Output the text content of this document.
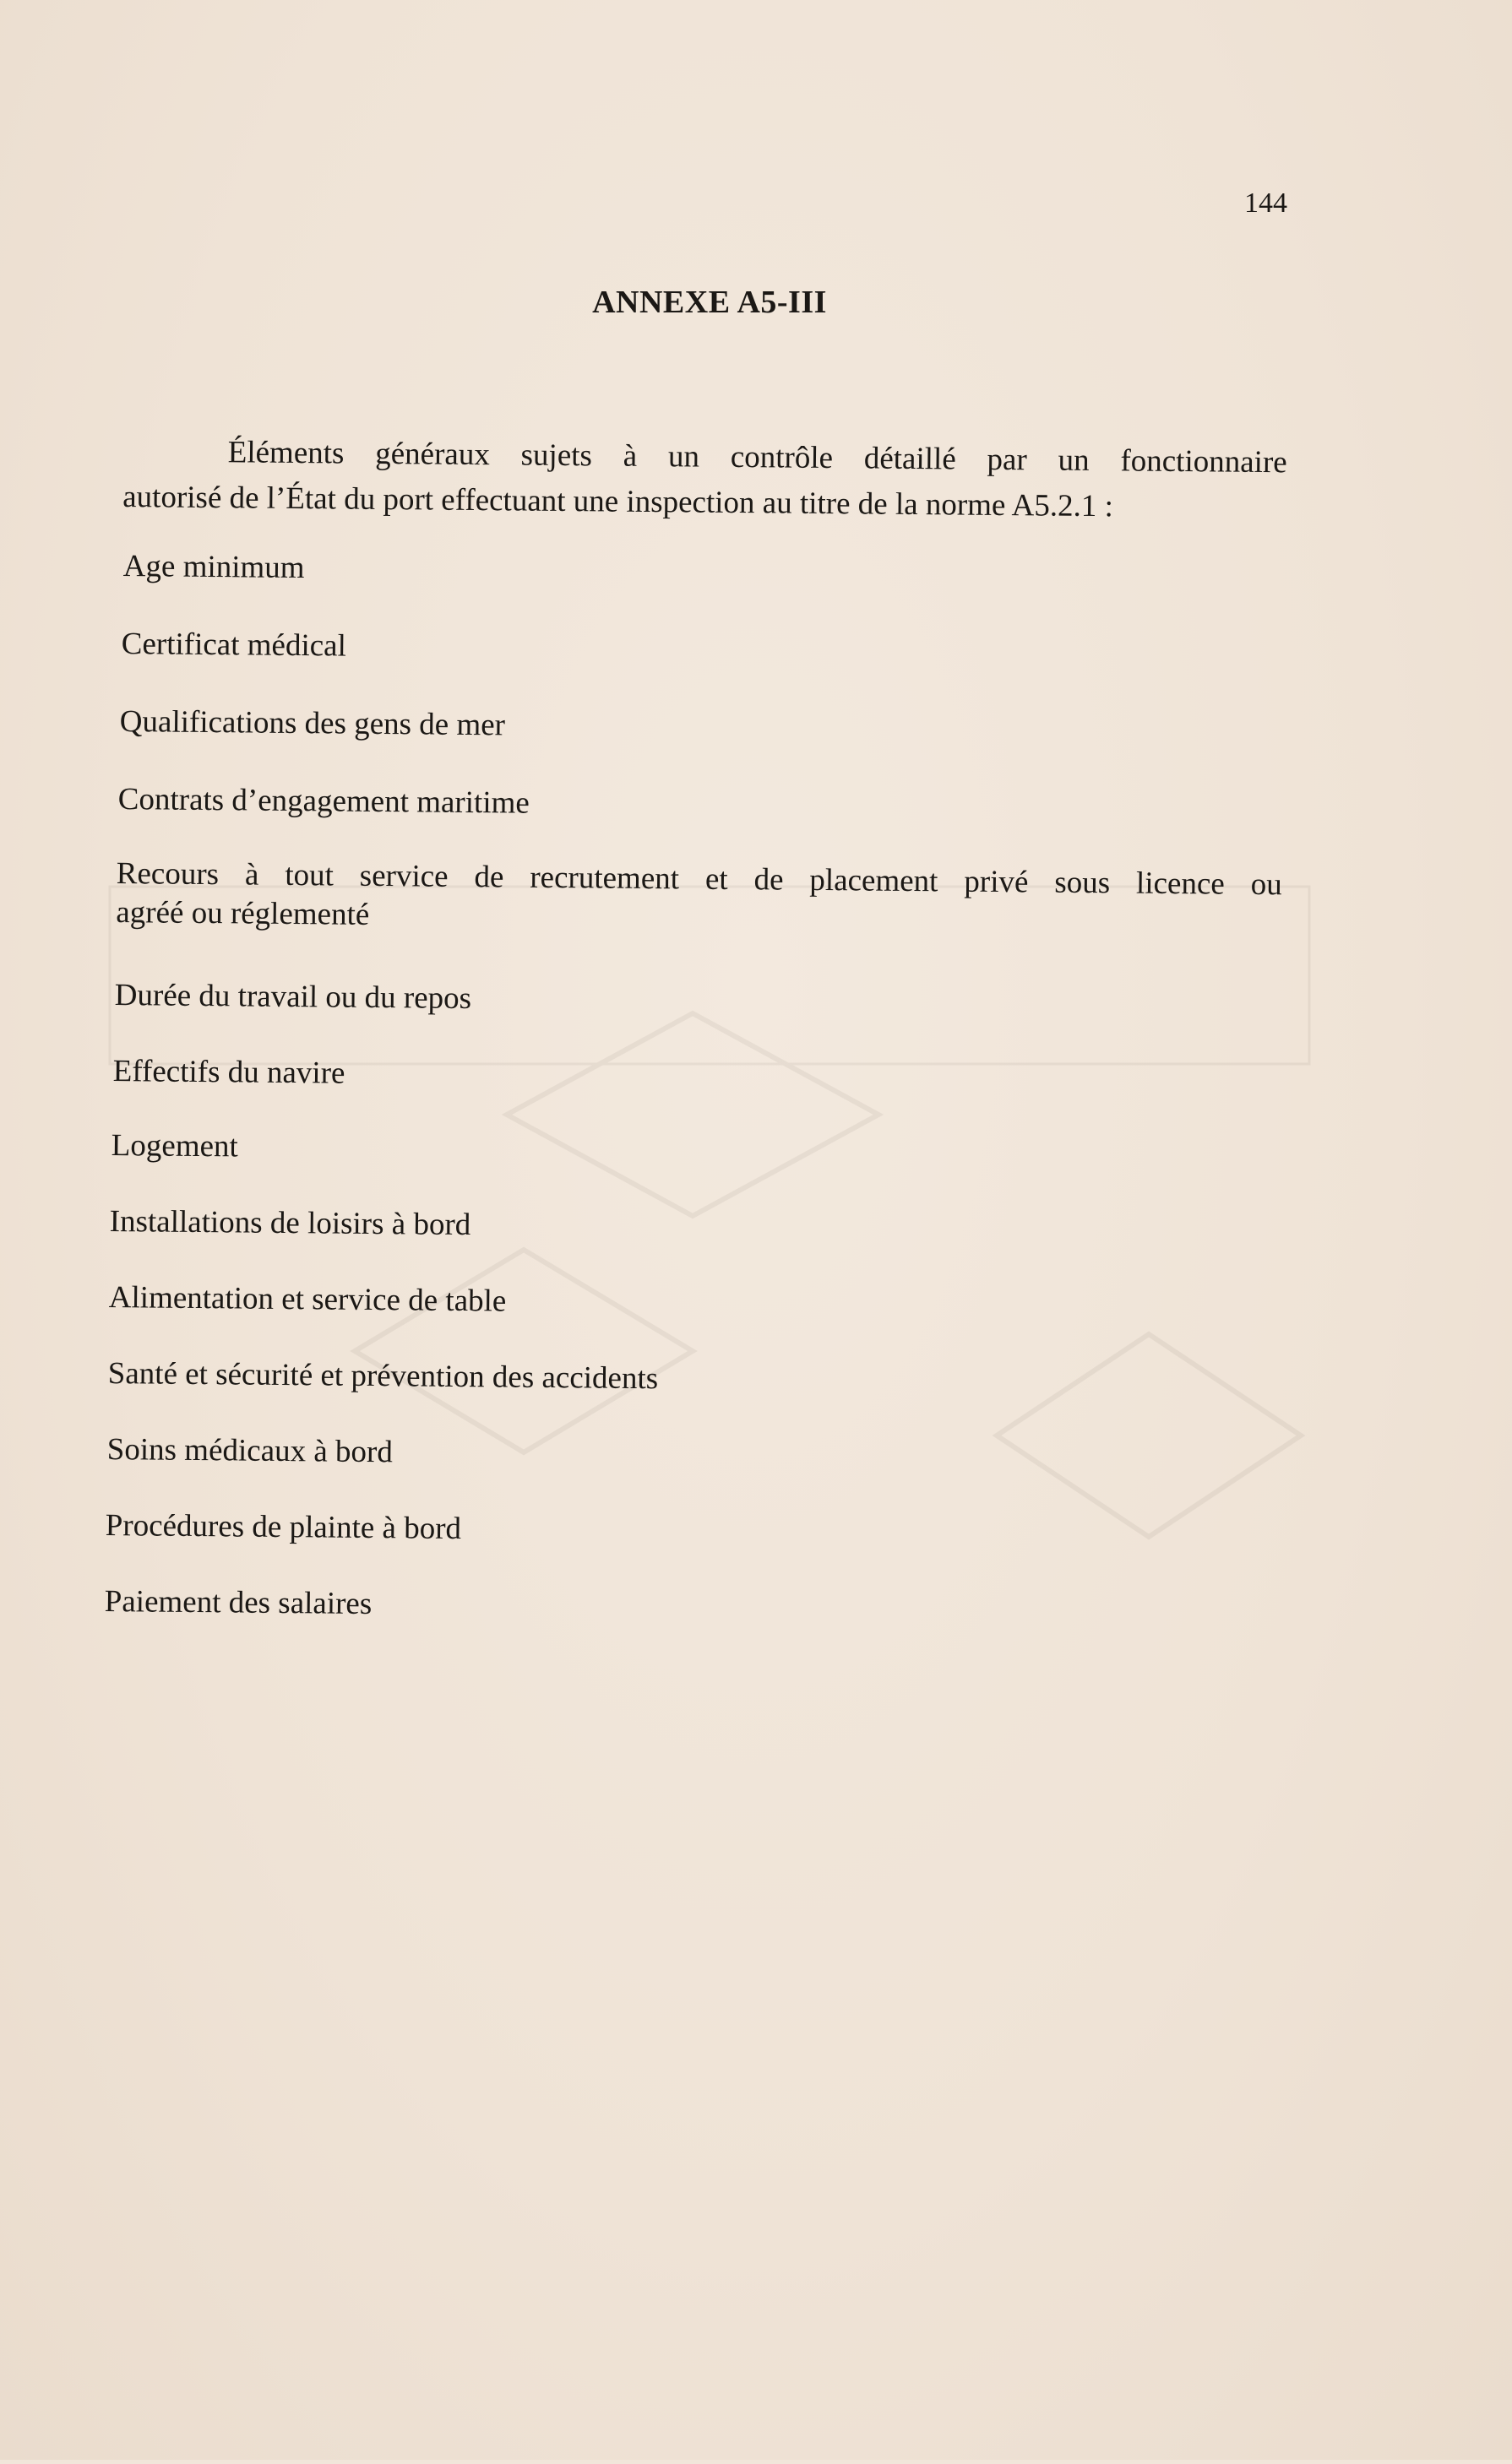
144
ANNEXE A5-III
Éléments généraux sujets à un contrôle détaillé par un fonctionnaire
autorisé de l’État du port effectuant une inspection au titre de la norme A5.2.1 :
Age minimum
Certificat médical
Qualifications des gens de mer
Contrats d’engagement maritime
Recours à tout service de recrutement et de placement privé sous licence ou
agréé ou réglementé
Durée du travail ou du repos
Effectifs du navire
Logement
Installations de loisirs à bord
Alimentation et service de table
Santé et sécurité et prévention des accidents
Soins médicaux à bord
Procédures de plainte à bord
Paiement des salaires
